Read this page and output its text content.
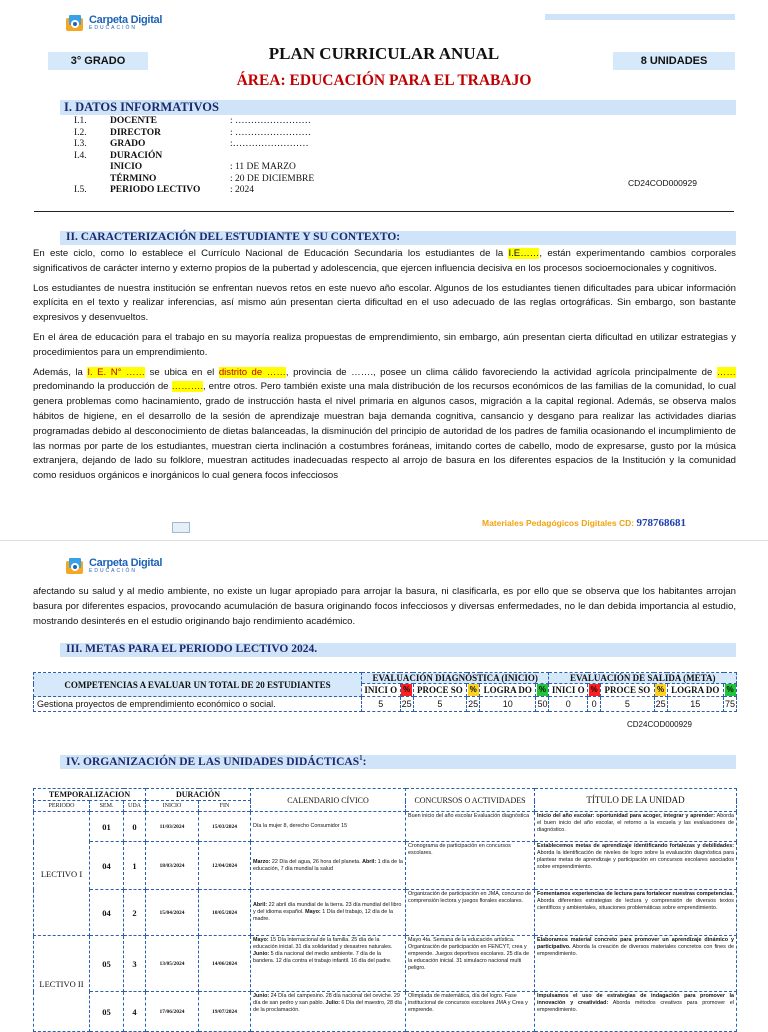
Carpeta Digital
EDUCACIÓN
3° GRADO	8 UNIDADES
PLAN CURRICULAR ANUAL
ÁREA: EDUCACIÓN PARA EL TRABAJO
I. DATOS INFORMATIVOS
I.1.	DOCENTE	: ……………………
I.2.	DIRECTOR	: ……………………
I.3.	GRADO	:……………………
I.4.	DURACIÓN	
	INICIO	: 11 DE MARZO
	TÉRMINO	: 20 DE DICIEMBRE
I.5.	PERIODO LECTIVO	: 2024
CD24COD000929
II. CARACTERIZACIÓN DEL ESTUDIANTE Y SU CONTEXTO:

En este ciclo, como lo establece el Currículo Nacional de Educación Secundaria los estudiantes de la I.E……, están experimentando cambios corporales significativos de carácter interno y externo propios de la pubertad y adolescencia, que ejercen influencia decisiva en los procesos socioemocionales y cognitivos.

Los estudiantes de nuestra institución se enfrentan nuevos retos en este nuevo año escolar. Algunos de los estudiantes tienen dificultades para ubicar información explícita en el texto y realizar inferencias, así mismo aún presentan cierta dificultad en el uso adecuado de las reglas ortográficas. Sin embargo, son bastante expresivos y desenvueltos.

En el área de educación para el trabajo en su mayoría realiza propuestas de emprendimiento, sin embargo, aún presentan cierta dificultad en utilizar estrategias y procedimientos para un emprendimiento.

Además, la I. E. N° …… se ubica en el distrito de ……, provincia de ……., posee un clima cálido favoreciendo la actividad agrícola principalmente de ……predominando la producción de ………., entre otros. Pero también existe una mala distribución de los recursos económicos de las familias de la comunidad, lo cual genera problemas como hacinamiento, grado de instrucción hasta el nivel primaria en algunos casos, migración a la capital regional. Además, se observa malos hábitos de higiene, en el desarrollo de la sesión de aprendizaje muestran baja demanda cognitiva, cansancio y desgano para realizar las actividades diarias programadas debido al desconocimiento de dietas balanceadas, la disminución del principio de autoridad de los padres de familia ocasionando el incumplimiento de las normas por parte de los estudiantes, muestran cierta inclinación a costumbres foráneas, imitando cortes de cabello, modo de expresarse, gusto por la música extranjera, dejando de lado su folklore, muestran actitudes inadecuadas respecto al arrojo de basura en los diferentes espacios de la Institución y la comunidad como residuos orgánicos e inorgánicos lo cual genera focos infecciosos

Materiales Pedagógicos Digitales CD: 978768681
Carpeta Digital
EDUCACIÓN
afectando su salud y al medio ambiente, no existe un lugar apropiado para arrojar la basura, ni clasificarla, es por ello que se observa que los habitantes arrojan basura por diferentes espacios, provocando acumulación de basura originando focos infecciosos y diversas enfermedades, no le dan debida importancia al estudio, mostrando desinterés en el estudio originando bajo rendimiento académico.
III. METAS PARA EL PERIODO LECTIVO 2024.
COMPETENCIAS A EVALUAR UN TOTAL DE 20 ESTUDIANTES	EVALUACIÓN DIAGNÓSTICA (INICIO)						EVALUACIÓN DE SALIDA (META)					
	INICI O	%	PROCE SO	%	LOGRA DO	%	INICI O	%	PROCE SO	%	LOGRA DO	%
Gestiona proyectos de emprendimiento económico o social.	5	25	5	25	10	50	0	0	5	25	15	75
CD24COD000929
IV. ORGANIZACIÓN DE LAS UNIDADES DIDÁCTICAS$^1$:
TEMPORALIZACION			DURACIÓN		CALENDARIO CÍVICO	CONCURSOS O ACTIVIDADES	TÍTULO DE LA UNIDAD
PERIODO	SEM.	UDA	INICIO	FIN			
LECTIVO I	01	0	11/03/2024	15/03/2024	Día la mujer 8, derecho Consumidor 15	Buen inicio del año escolar Evaluación diagnóstica	Inicio del año escolar: oportunidad para acoger, integrar y aprender: Aborda el buen inicio del año escolar, el retorno a la escuela y las evaluaciones de diagnóstico.
	04	1	18/03/2024	12/04/2024	Marzo: 22 Día del agua, 26 hora del planeta. Abril: 1 día de la educación, 7 día mundial la salud	Cronograma de participación en concursos escolares.	Establecemos metas de aprendizaje identificando fortalezas y debilidades: Aborda la identificación de niveles de logro sobre la evaluación diagnóstica para plantear metas de aprendizaje y participación en concursos escolares asociados sobre emprendimiento.
	04	2	15/04/2024	10/05/2024	Abril: 22 abril día mundial de la tierra. 23 día mundial del libro y del idioma español. Mayo: 1 Día del trabajo, 12 día de la madre.	Organización de participación en JMA, concurso de comprensión lectora y juegos florales escolares.	Fomentamos experiencias de lectura para fortalecer nuestras competencias. Aborda diferentes estrategias de lectura y comprensión de diversos textos científicos y ambientales, situaciones problemáticas sobre emprendimiento.
LECTIVO II	05	3	13/05/2024	14/06/2024	Mayo: 15 Día internacional de la familia. 25 día de la educación inicial. 31 día solidaridad y desastres naturales. Junio: 5 día nacional del medio ambiente. 7 día de la bandera. 12 día contra el trabajo infantil. 16 día del padre.	Mayo 4ta. Semana de la educación artística. Organización de participación en FENCYT, crea y emprende. Juegos deportivos escolares. 25 día de la educación inicial. 31 simulacro nacional multi peligro.	Elaboramos material concreto para promover un aprendizaje dinámico y participativo. Aborda la creación de diversos materiales concretos con fines de emprendimiento.
	05	4	17/06/2024	19/07/2024	Junio: 24 Día del campesino. 28 día nacional del ceviche. 29 día de san pedro y san pablo. Julio: 6 Día del maestro, 28 día de la proclamación.	Olimpiada de matemática, día del logro. Fase institucional de concursos escolares JMA y Crea y emprende.	Impulsamos el uso de estrategias de indagación para promover la innovación y creatividad: Aborda métodos creativos para promover el emprendimiento.
